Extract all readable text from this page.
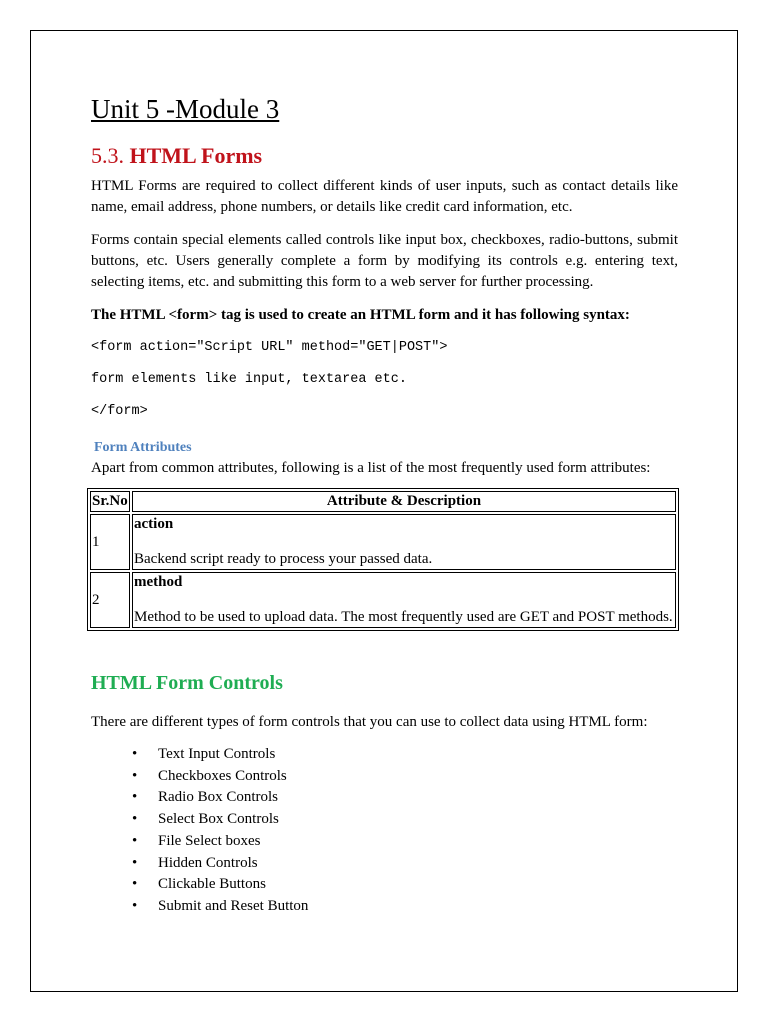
Unit 5 -Module 3
5.3. HTML Forms

HTML Forms are required to collect different kinds of user inputs, such as contact details like name, email address, phone numbers, or details like credit card information, etc.

Forms contain special elements called controls like input box, checkboxes, radio-buttons, submit buttons, etc. Users generally complete a form by modifying its controls e.g. entering text, selecting items, etc. and submitting this form to a web server for further processing.

The HTML <form> tag is used to create an HTML form and it has following syntax:

<form action="Script URL" method="GET|POST">
form elements like input, textarea etc.
</form>
Form Attributes

Apart from common attributes, following is a list of the most frequently used form attributes:

Sr.No	Attribute & Description
1	action
Backend script ready to process your passed data.

2	method
Method to be used to upload data. The most frequently used are GET and POST methods.
HTML Form Controls
There are different types of form controls that you can use to collect data using HTML form:
• Text Input Controls
• Checkboxes Controls
• Radio Box Controls
• Select Box Controls
• File Select boxes
• Hidden Controls
• Clickable Buttons
• Submit and Reset Button
